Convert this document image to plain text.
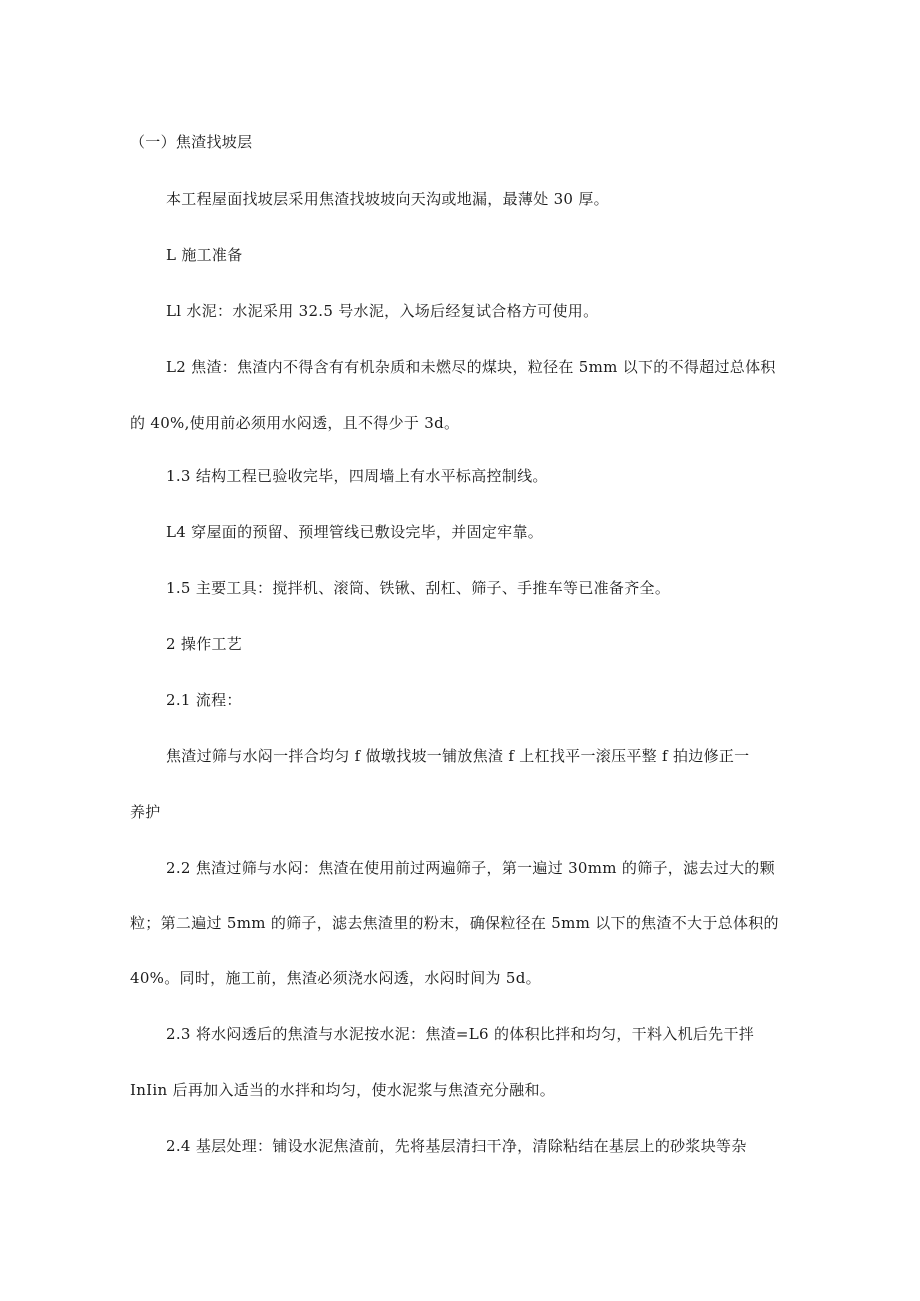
（一）焦渣找坡层
本工程屋面找坡层采用焦渣找坡坡向天沟或地漏，最薄处 30 厚。
L 施工准备
Ll 水泥：水泥采用 32.5 号水泥，入场后经复试合格方可使用。
L2 焦渣：焦渣内不得含有有机杂质和未燃尽的煤块，粒径在 5mm 以下的不得超过总体积
的 40%,使用前必须用水闷透，且不得少于 3d。
1.3 结构工程已验收完毕，四周墙上有水平标高控制线。
L4 穿屋面的预留、预埋管线已敷设完毕，并固定牢靠。
1.5 主要工具：搅拌机、滚筒、铁锹、刮杠、筛子、手推车等已准备齐全。
2 操作工艺
2.1 流程：
焦渣过筛与水闷一拌合均匀 f 做墩找坡一铺放焦渣 f 上杠找平一滚压平整 f 拍边修正一
养护
2.2 焦渣过筛与水闷：焦渣在使用前过两遍筛子，第一遍过 30mm 的筛子，滤去过大的颗
粒；第二遍过 5mm 的筛子，滤去焦渣里的粉末，确保粒径在 5mm 以下的焦渣不大于总体积的
40%。同时，施工前，焦渣必须浇水闷透，水闷时间为 5d。
2.3 将水闷透后的焦渣与水泥按水泥：焦渣=L6 的体积比拌和均匀，干料入机后先干拌
InIin 后再加入适当的水拌和均匀，使水泥浆与焦渣充分融和。
2.4 基层处理：铺设水泥焦渣前，先将基层清扫干净，清除粘结在基层上的砂浆块等杂
